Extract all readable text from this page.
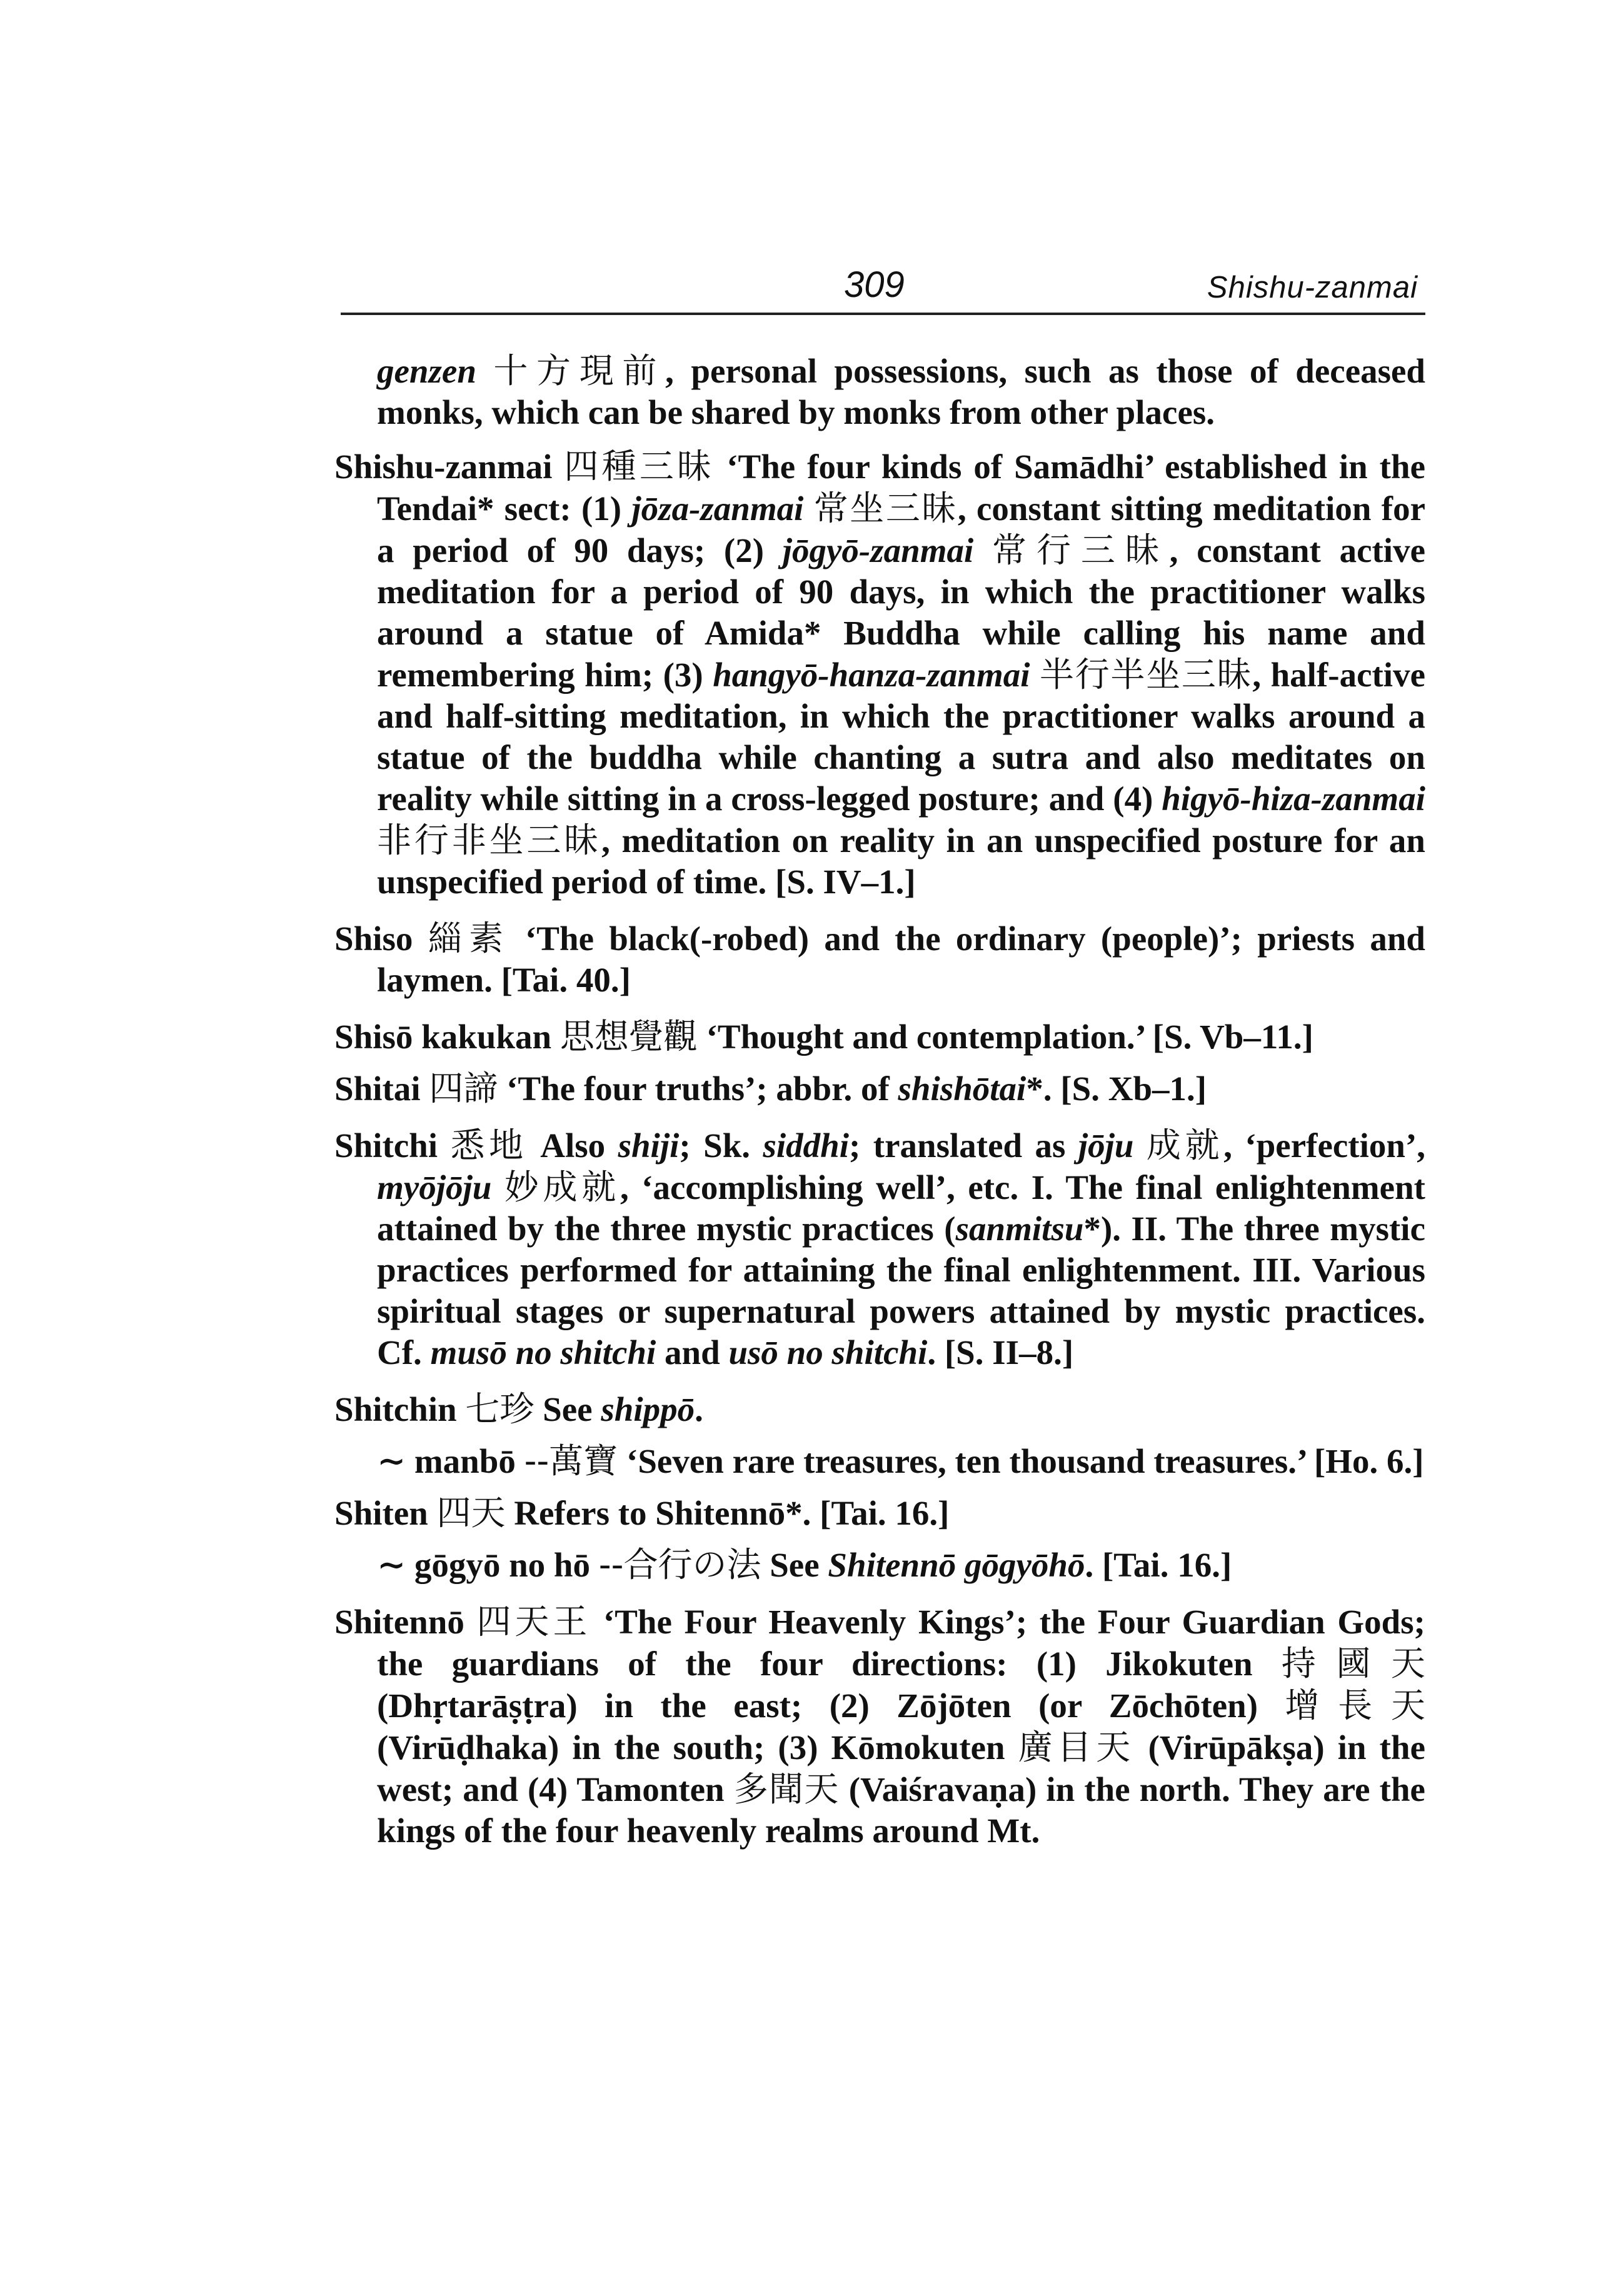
309	Shishu-zanmai

genzen 十方現前, personal possessions, such as those of deceased monks, which can be shared by monks from other places.

Shishu-zanmai 四種三昧 ‘The four kinds of Samādhi’ established in the Tendai* sect: (1) jōza-zanmai 常坐三昧, constant sitting meditation for a period of 90 days; (2) jōgyō-zanmai 常行三昧, constant active meditation for a period of 90 days, in which the practitioner walks around a statue of Amida* Buddha while calling his name and remembering him; (3) hangyō-hanza-zanmai 半行半坐三昧, half-active and half-sitting meditation, in which the practitioner walks around a statue of the buddha while chanting a sutra and also meditates on reality while sitting in a cross-legged posture; and (4) higyō-hiza-zanmai 非行非坐三昧, meditation on reality in an unspecified posture for an unspecified period of time. [S. IV–1.]

Shiso 緇素 ‘The black(-robed) and the ordinary (people)’; priests and laymen. [Tai. 40.]

Shisō kakukan 思想覺觀 ‘Thought and contemplation.’ [S. Vb–11.]

Shitai 四諦 ‘The four truths’; abbr. of shishōtai*. [S. Xb–1.]

Shitchi 悉地 Also shiji; Sk. siddhi; translated as jōju 成就, ‘perfection’, myōjōju 妙成就, ‘accomplishing well’, etc. I. The final enlightenment attained by the three mystic practices (sanmitsu*). II. The three mystic practices performed for attaining the final enlightenment. III. Various spiritual stages or supernatural powers attained by mystic practices. Cf. musō no shitchi and usō no shitchi. [S. II–8.]

Shitchin 七珍 See shippō.

∼ manbō --萬寶 ‘Seven rare treasures, ten thousand treasures.’ [Ho. 6.]

Shiten 四天 Refers to Shitennō*. [Tai. 16.]

∼ gōgyō no hō --合行の法 See Shitennō gōgyōhō. [Tai. 16.]

Shitennō 四天王 ‘The Four Heavenly Kings’; the Four Guardian Gods; the guardians of the four directions: (1) Jikokuten 持國天 (Dhṛtarāṣṭra) in the east; (2) Zōjōten (or Zōchōten) 增長天 (Virūḍhaka) in the south; (3) Kōmokuten 廣目天 (Virūpākṣa) in the west; and (4) Tamonten 多聞天 (Vaiśravaṇa) in the north. They are the kings of the four heavenly realms around Mt.
